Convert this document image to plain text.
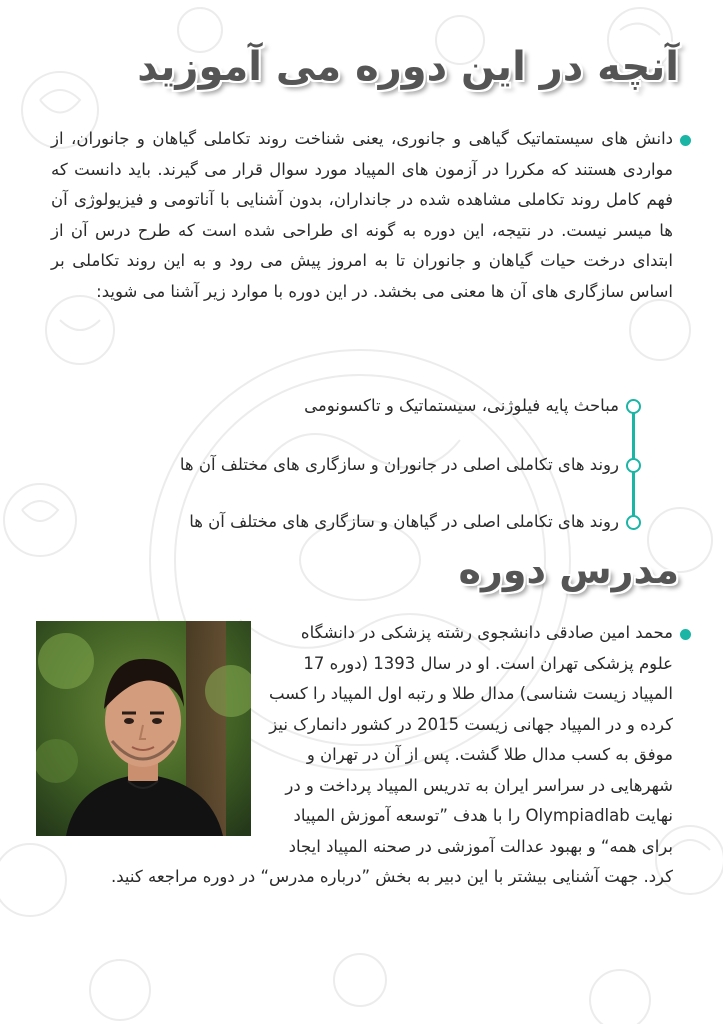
آنچه در این دوره می آموزید

دانش های سیستماتیک گیاهی و جانوری، یعنی شناخت روند تکاملی گیاهان و جانوران، از مواردی هستند که مکررا در آزمون های المپیاد مورد سوال قرار می گیرند. باید دانست که فهم کامل روند تکاملی مشاهده شده در جانداران، بدون آشنایی با آناتومی و فیزیولوژی آن ها میسر نیست. در نتیجه، این دوره به گونه ای طراحی شده است که طرح درس آن از ابتدای درخت حیات گیاهان و جانوران تا به امروز پیش می رود و به این روند تکاملی بر اساس سازگاری های آن ها معنی می بخشد. در این دوره با موارد زیر آشنا می شوید:

مباحث پایه فیلوژنی، سیستماتیک و تاکسونومی

روند های تکاملی اصلی در جانوران و سازگاری های مختلف آن ها

روند های تکاملی اصلی در گیاهان و سازگاری های مختلف آن ها

مدرس دوره

محمد امین صادقی دانشجوی رشته پزشکی در دانشگاه علوم پزشکی تهران است. او در سال 1393 (دوره 17 المپیاد زیست شناسی) مدال طلا و رتبه اول المپیاد را کسب کرده و در المپیاد جهانی زیست 2015 در کشور دانمارک نیز موفق به کسب مدال طلا گشت. پس از آن در تهران و شهرهایی در سراسر ایران به تدریس المپیاد پرداخت و در نهایت Olympiadlab را با هدف ”توسعه آموزش المپیاد برای همه“ و بهبود عدالت آموزشی در صحنه المپیاد ایجاد کرد. جهت آشنایی بیشتر با این دبیر به بخش ”درباره مدرس“ در دوره مراجعه کنید.
